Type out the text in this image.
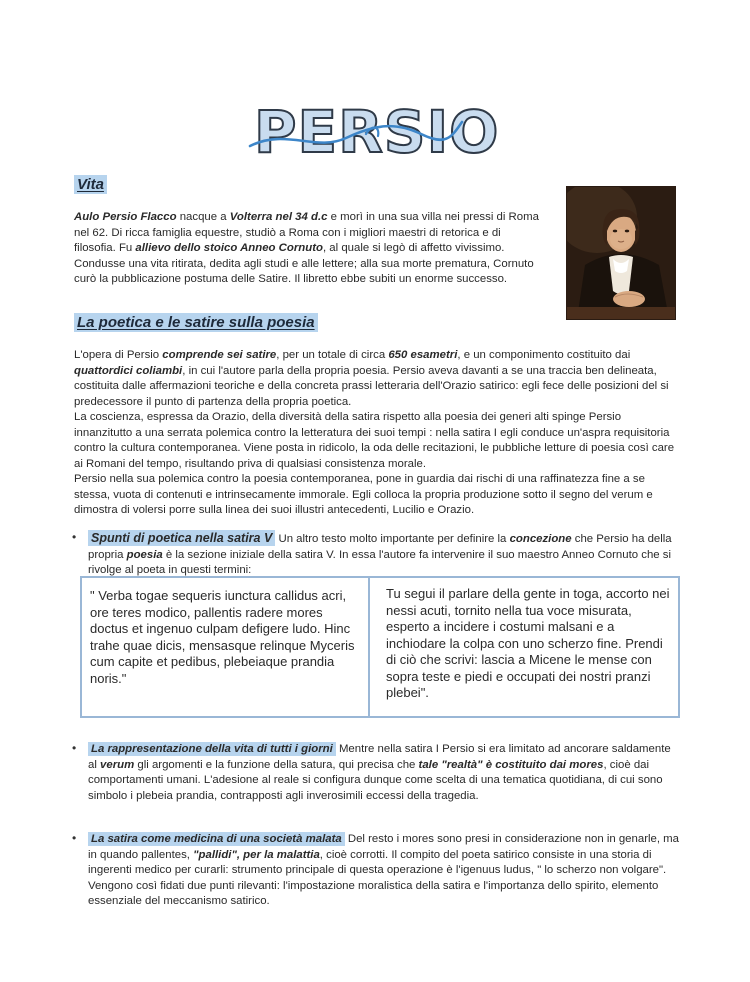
PERSIO
Vita

Aulo Persio Flacco nacque a Volterra nel 34 d.c e morì in una sua villa nei pressi di Roma nel 62. Di ricca famiglia equestre, studiò a Roma con i migliori maestri di retorica e di filosofia. Fu allievo dello stoico Anneo Cornuto, al quale si legò di affetto vivissimo. Condusse una vita ritirata, dedita agli studi e alle lettere; alla sua morte prematura, Cornuto curò la pubblicazione postuma delle Satire. Il libretto ebbe subiti un enorme successo.

La poetica e le satire sulla poesia

L'opera di Persio comprende sei satire, per un totale di circa 650 esametri, e un componimento costituito dai quattordici coliambi, in cui l'autore parla della propria poesia. Persio aveva davanti a se una traccia ben delineata, costituita dalle affermazioni teoriche e della concreta prassi letteraria dell'Orazio satirico: egli fece delle posizioni del si predecessore il punto di partenza della propria poetica.
La coscienza, espressa da Orazio, della diversità della satira rispetto alla poesia dei generi alti spinge Persio innanzitutto a una serrata polemica contro la letteratura dei suoi tempi : nella satira I egli conduce un'aspra requisitoria contro la cultura contemporanea. Viene posta in ridicolo, la oda delle recitazioni, le pubbliche letture di poesia così care ai Romani del tempo, risultando priva di qualsiasi consistenza morale.
Persio nella sua polemica contro la poesia contemporanea, pone in guardia dai rischi di una raffinatezza fine a se stessa, vuota di contenuti e intrinsecamente immorale. Egli colloca la propria produzione sotto il segno del verum e dimostra di volersi porre sulla linea dei suoi illustri antecedenti, Lucilio e Orazio.

• Spunti di poetica nella satira V Un altro testo molto importante per definire la concezione che Persio ha della propria poesia è la sezione iniziale della satira V. In essa l'autore fa intervenire il suo maestro Anneo Cornuto che si rivolge al poeta in questi termini:

" Verba togae sequeris iunctura callidus acri, ore teres modico, pallentis radere mores doctus et ingenuo culpam defigere ludo. Hinc trahe quae dicis, mensasque relinque Myceris cum capite et pedibus, plebeiaque prandia noris."

Tu segui il parlare della gente in toga, accorto nei nessi acuti, tornito nella tua voce misurata, esperto a incidere i costumi malsani e a inchiodare la colpa con uno scherzo fine. Prendi di ciò che scrivi: lascia a Micene le mense con sopra teste e piedi e occupati dei nostri pranzi plebei".

• La rappresentazione della vita di tutti i giorni Mentre nella satira I Persio si era limitato ad ancorare saldamente al verum gli argomenti e la funzione della satura, qui precisa che tale "realtà" è costituito dai mores, cioè dai comportamenti umani. L'adesione al reale si configura dunque come scelta di una tematica quotidiana, di cui sono simbolo i plebeia prandia, contrapposti agli inverosimili eccessi della tragedia.

• La satira come medicina di una società malata Del resto i mores sono presi in considerazione non in genarle, ma in quando pallentes, "pallidi", per la malattia, cioè corrotti. Il compito del poeta satirico consiste in una storia di ingerenti medico per curarli: strumento principale di questa operazione è l'igenuus ludus, " lo scherzo non volgare". Vengono così fidati due punti rilevanti: l'impostazione moralistica della satira e l'importanza dello spirito, elemento essenziale del meccanismo satirico.
